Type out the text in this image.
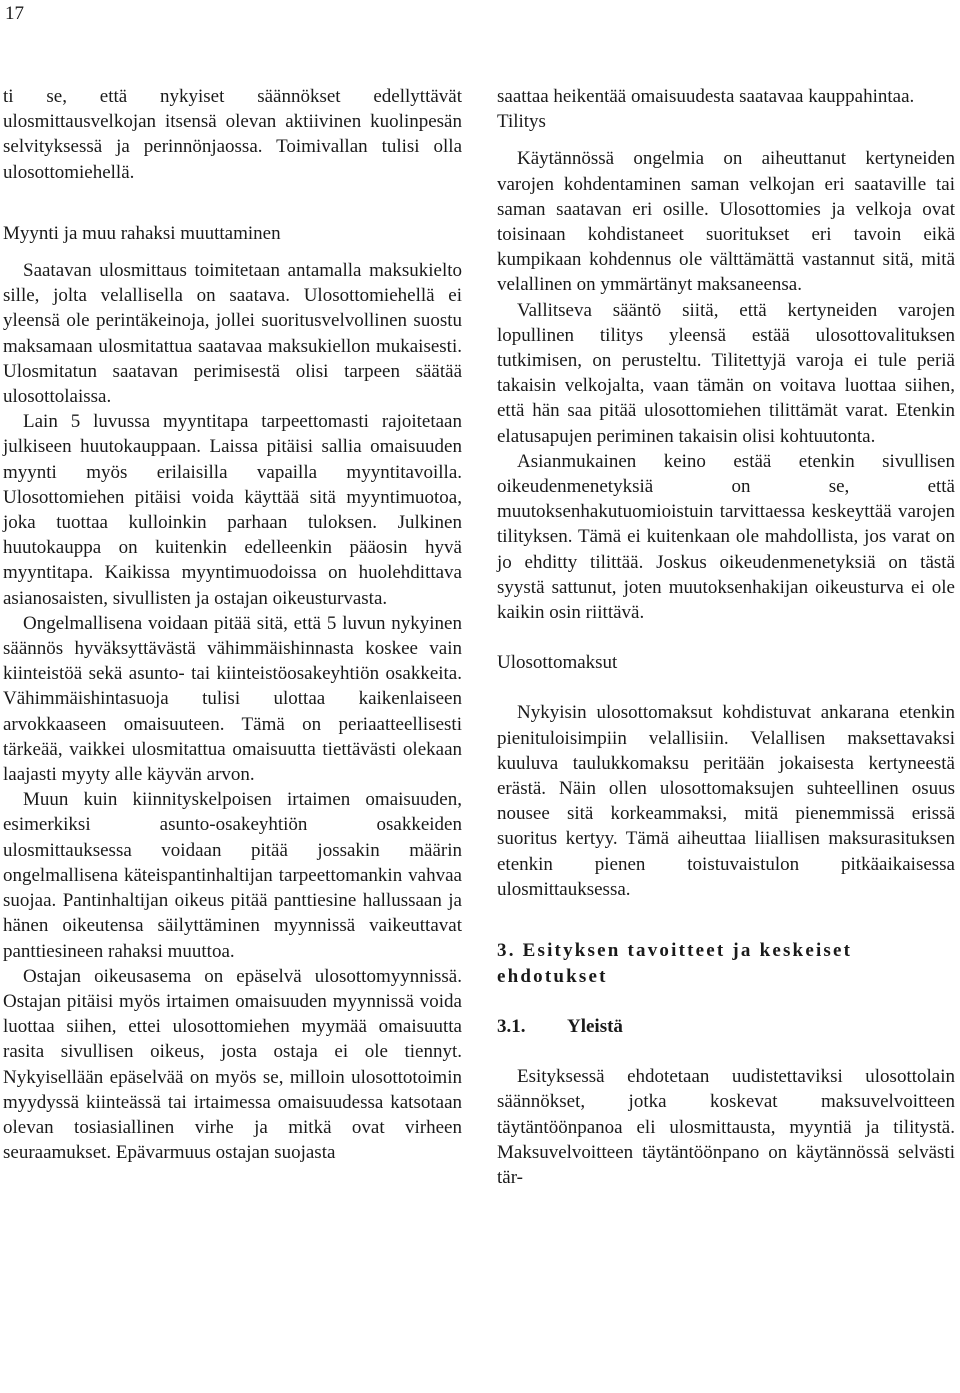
17

ti se, että nykyiset säännökset edellyttävät ulosmittausvelkojan itsensä olevan aktiivinen kuolinpesän selvityksessä ja perinnönjaossa. Toimivallan tulisi olla ulosottomiehellä.

Myynti ja muu rahaksi muuttaminen

Saatavan ulosmittaus toimitetaan antamalla maksukielto sille, jolta velallisella on saatava. Ulosottomiehellä ei yleensä ole perintäkeinoja, jollei suoritusvelvollinen suostu maksamaan ulosmitattua saatavaa maksukiellon mukaisesti. Ulosmitatun saatavan perimisestä olisi tarpeen säätää ulosottolaissa.

Lain 5 luvussa myyntitapa tarpeettomasti rajoitetaan julkiseen huutokauppaan. Laissa pitäisi sallia omaisuuden myynti myös erilaisilla vapailla myyntitavoilla. Ulosottomiehen pitäisi voida käyttää sitä myyntimuotoa, joka tuottaa kulloinkin parhaan tuloksen. Julkinen huutokauppa on kuitenkin edelleenkin pääosin hyvä myyntitapa. Kaikissa myyntimuodoissa on huolehdittava asianosaisten, sivullisten ja ostajan oikeusturvasta.

Ongelmallisena voidaan pitää sitä, että 5 luvun nykyinen säännös hyväksyttävästä vähimmäishinnasta koskee vain kiinteistöä sekä asunto- tai kiinteistöosakeyhtiön osakkeita. Vähimmäishintasuoja tulisi ulottaa kaikenlaiseen arvokkaaseen omaisuuteen. Tämä on periaatteellisesti tärkeää, vaikkei ulosmitattua omaisuutta tiettävästi olekaan laajasti myyty alle käyvän arvon.

Muun kuin kiinnityskelpoisen irtaimen omaisuuden, esimerkiksi asunto-osakeyhtiön osakkeiden ulosmittauksessa voidaan pitää jossakin määrin ongelmallisena käteispantinhaltijan tarpeettomankin vahvaa suojaa. Pantinhaltijan oikeus pitää panttiesine hallussaan ja hänen oikeutensa säilyttäminen myynnissä vaikeuttavat panttiesineen rahaksi muuttoa.

Ostajan oikeusasema on epäselvä ulosottomyynnissä. Ostajan pitäisi myös irtaimen omaisuuden myynnissä voida luottaa siihen, ettei ulosottomiehen myymää omaisuutta rasita sivullisen oikeus, josta ostaja ei ole tiennyt. Nykyisellään epäselvää on myös se, milloin ulosottotoimin myydyssä kiinteässä tai irtaimessa omaisuudessa katsotaan olevan tosiasiallinen virhe ja mitkä ovat virheen seuraamukset. Epävarmuus ostajan suojasta

saattaa heikentää omaisuudesta saatavaa kauppahintaa.

Tilitys

Käytännössä ongelmia on aiheuttanut kertyneiden varojen kohdentaminen saman velkojan eri saataville tai saman saatavan eri osille. Ulosottomies ja velkoja ovat toisinaan kohdistaneet suoritukset eri tavoin eikä kumpikaan kohdennus ole välttämättä vastannut sitä, mitä velallinen on ymmärtänyt maksaneensa.

Vallitseva sääntö siitä, että kertyneiden varojen lopullinen tilitys yleensä estää ulosottovalituksen tutkimisen, on perusteltu. Tilitettyjä varoja ei tule periä takaisin velkojalta, vaan tämän on voitava luottaa siihen, että hän saa pitää ulosottomiehen tilittämät varat. Etenkin elatusapujen periminen takaisin olisi kohtuutonta.

Asianmukainen keino estää etenkin sivullisen oikeudenmenetyksiä on se, että muutoksenhakutuomioistuin tarvittaessa keskeyttää varojen tilityksen. Tämä ei kuitenkaan ole mahdollista, jos varat on jo ehditty tilittää. Joskus oikeudenmenetyksiä on tästä syystä sattunut, joten muutoksenhakijan oikeusturva ei ole kaikin osin riittävä.

Ulosottomaksut

Nykyisin ulosottomaksut kohdistuvat ankarana etenkin pienituloisimpiin velallisiin. Velallisen maksettavaksi kuuluva taulukkomaksu peritään jokaisesta kertyneestä erästä. Näin ollen ulosottomaksujen suhteellinen osuus nousee sitä korkeammaksi, mitä pienemmissä erissä suoritus kertyy. Tämä aiheuttaa liiallisen maksurasituksen etenkin pienen toistuvaistulon pitkäaikaisessa ulosmittauksessa.

3. Esityksen tavoitteet ja keskeiset ehdotukset
3.1. Yleistä

Esityksessä ehdotetaan uudistettaviksi ulosottolain säännökset, jotka koskevat maksuvelvoitteen täytäntöönpanoa eli ulosmittausta, myyntiä ja tilitystä. Maksuvelvoitteen täytäntöönpano on käytännössä selvästi tär-
